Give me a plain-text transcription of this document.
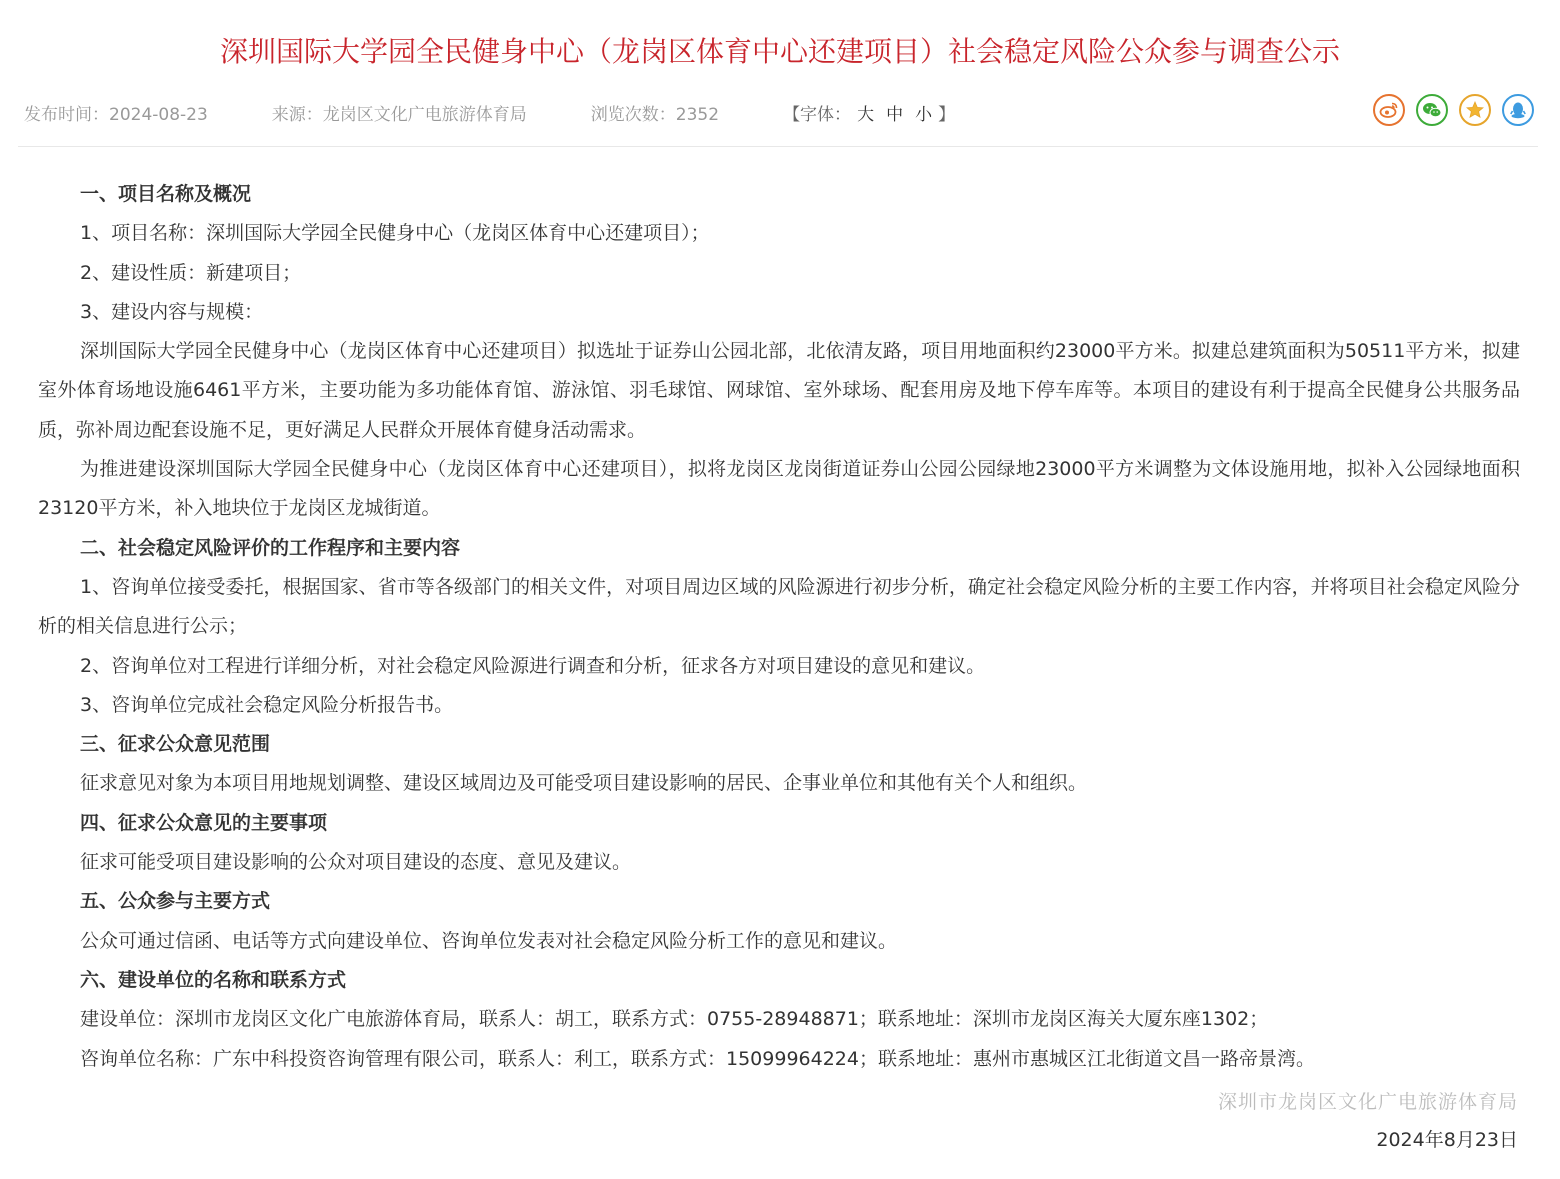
深圳国际大学园全民健身中心（龙岗区体育中心还建项目）社会稳定风险公众参与调查公示
发布时间：2024-08-23	来源：龙岗区文化广电旅游体育局	浏览次数：2352	【字体： 大 中 小 】
一、项目名称及概况

1、项目名称：深圳国际大学园全民健身中心（龙岗区体育中心还建项目）；

2、建设性质：新建项目；

3、建设内容与规模：

深圳国际大学园全民健身中心（龙岗区体育中心还建项目）拟选址于证券山公园北部，北依清友路，项目用地面积约23000平方米。拟建总建筑面积为50511平方米，拟建室外体育场地设施6461平方米，主要功能为多功能体育馆、游泳馆、羽毛球馆、网球馆、室外球场、配套用房及地下停车库等。本项目的建设有利于提高全民健身公共服务品质，弥补周边配套设施不足，更好满足人民群众开展体育健身活动需求。

为推进建设深圳国际大学园全民健身中心（龙岗区体育中心还建项目），拟将龙岗区龙岗街道证券山公园公园绿地23000平方米调整为文体设施用地，拟补入公园绿地面积23120平方米，补入地块位于龙岗区龙城街道。

二、社会稳定风险评价的工作程序和主要内容

1、咨询单位接受委托，根据国家、省市等各级部门的相关文件，对项目周边区域的风险源进行初步分析，确定社会稳定风险分析的主要工作内容，并将项目社会稳定风险分析的相关信息进行公示；

2、咨询单位对工程进行详细分析，对社会稳定风险源进行调查和分析，征求各方对项目建设的意见和建议。

3、咨询单位完成社会稳定风险分析报告书。

三、征求公众意见范围

征求意见对象为本项目用地规划调整、建设区域周边及可能受项目建设影响的居民、企事业单位和其他有关个人和组织。

四、征求公众意见的主要事项

征求可能受项目建设影响的公众对项目建设的态度、意见及建议。

五、公众参与主要方式

公众可通过信函、电话等方式向建设单位、咨询单位发表对社会稳定风险分析工作的意见和建议。

六、建设单位的名称和联系方式

建设单位：深圳市龙岗区文化广电旅游体育局，联系人：胡工，联系方式：0755-28948871；联系地址：深圳市龙岗区海关大厦东座1302；

咨询单位名称：广东中科投资咨询管理有限公司，联系人：利工，联系方式：15099964224；联系地址：惠州市惠城区江北街道文昌一路帝景湾。

深圳市龙岗区文化广电旅游体育局
2024年8月23日
